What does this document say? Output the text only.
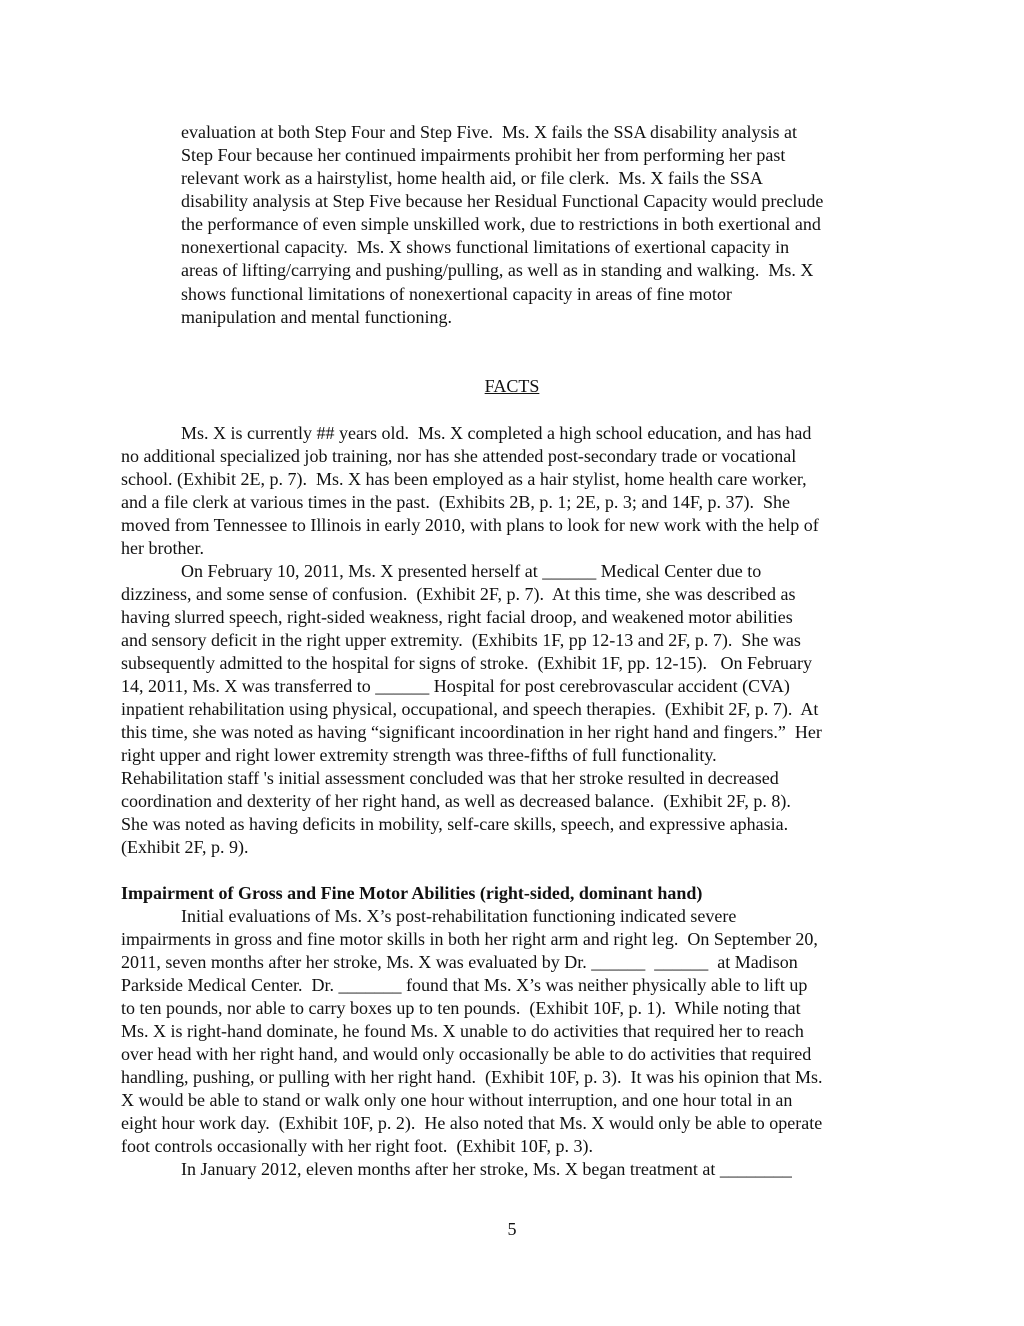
evaluation at both Step Four and Step Five.  Ms. X fails the SSA disability analysis at

Step Four because her continued impairments prohibit her from performing her past

relevant work as a hairstylist, home health aid, or file clerk.  Ms. X fails the SSA

disability analysis at Step Five because her Residual Functional Capacity would preclude

the performance of even simple unskilled work, due to restrictions in both exertional and

nonexertional capacity.  Ms. X shows functional limitations of exertional capacity in

areas of lifting/carrying and pushing/pulling, as well as in standing and walking.  Ms. X

shows functional limitations of nonexertional capacity in areas of fine motor

manipulation and mental functioning.

FACTS

Ms. X is currently ## years old.  Ms. X completed a high school education, and has had

no additional specialized job training, nor has she attended post-secondary trade or vocational

school. (Exhibit 2E, p. 7).  Ms. X has been employed as a hair stylist, home health care worker,

and a file clerk at various times in the past.  (Exhibits 2B, p. 1; 2E, p. 3; and 14F, p. 37).  She

moved from Tennessee to Illinois in early 2010, with plans to look for new work with the help of

her brother.

On February 10, 2011, Ms. X presented herself at ______ Medical Center due to

dizziness, and some sense of confusion.  (Exhibit 2F, p. 7).  At this time, she was described as

having slurred speech, right-sided weakness, right facial droop, and weakened motor abilities

and sensory deficit in the right upper extremity.  (Exhibits 1F, pp 12-13 and 2F, p. 7).  She was

subsequently admitted to the hospital for signs of stroke.  (Exhibit 1F, pp. 12-15).   On February

14, 2011, Ms. X was transferred to ______ Hospital for post cerebrovascular accident (CVA)

inpatient rehabilitation using physical, occupational, and speech therapies.  (Exhibit 2F, p. 7).  At

this time, she was noted as having “significant incoordination in her right hand and fingers.”  Her

right upper and right lower extremity strength was three-fifths of full functionality.

Rehabilitation staff 's initial assessment concluded was that her stroke resulted in decreased

coordination and dexterity of her right hand, as well as decreased balance.  (Exhibit 2F, p. 8).

She was noted as having deficits in mobility, self-care skills, speech, and expressive aphasia.

(Exhibit 2F, p. 9).

Impairment of Gross and Fine Motor Abilities (right-sided, dominant hand)

Initial evaluations of Ms. X’s post-rehabilitation functioning indicated severe

impairments in gross and fine motor skills in both her right arm and right leg.  On September 20,

2011, seven months after her stroke, Ms. X was evaluated by Dr. ______  ______  at Madison

Parkside Medical Center.  Dr. _______ found that Ms. X’s was neither physically able to lift up

to ten pounds, nor able to carry boxes up to ten pounds.  (Exhibit 10F, p. 1).  While noting that

Ms. X is right-hand dominate, he found Ms. X unable to do activities that required her to reach

over head with her right hand, and would only occasionally be able to do activities that required

handling, pushing, or pulling with her right hand.  (Exhibit 10F, p. 3).  It was his opinion that Ms.

X would be able to stand or walk only one hour without interruption, and one hour total in an

eight hour work day.  (Exhibit 10F, p. 2).  He also noted that Ms. X would only be able to operate

foot controls occasionally with her right foot.  (Exhibit 10F, p. 3).

In January 2012, eleven months after her stroke, Ms. X began treatment at ________

5
